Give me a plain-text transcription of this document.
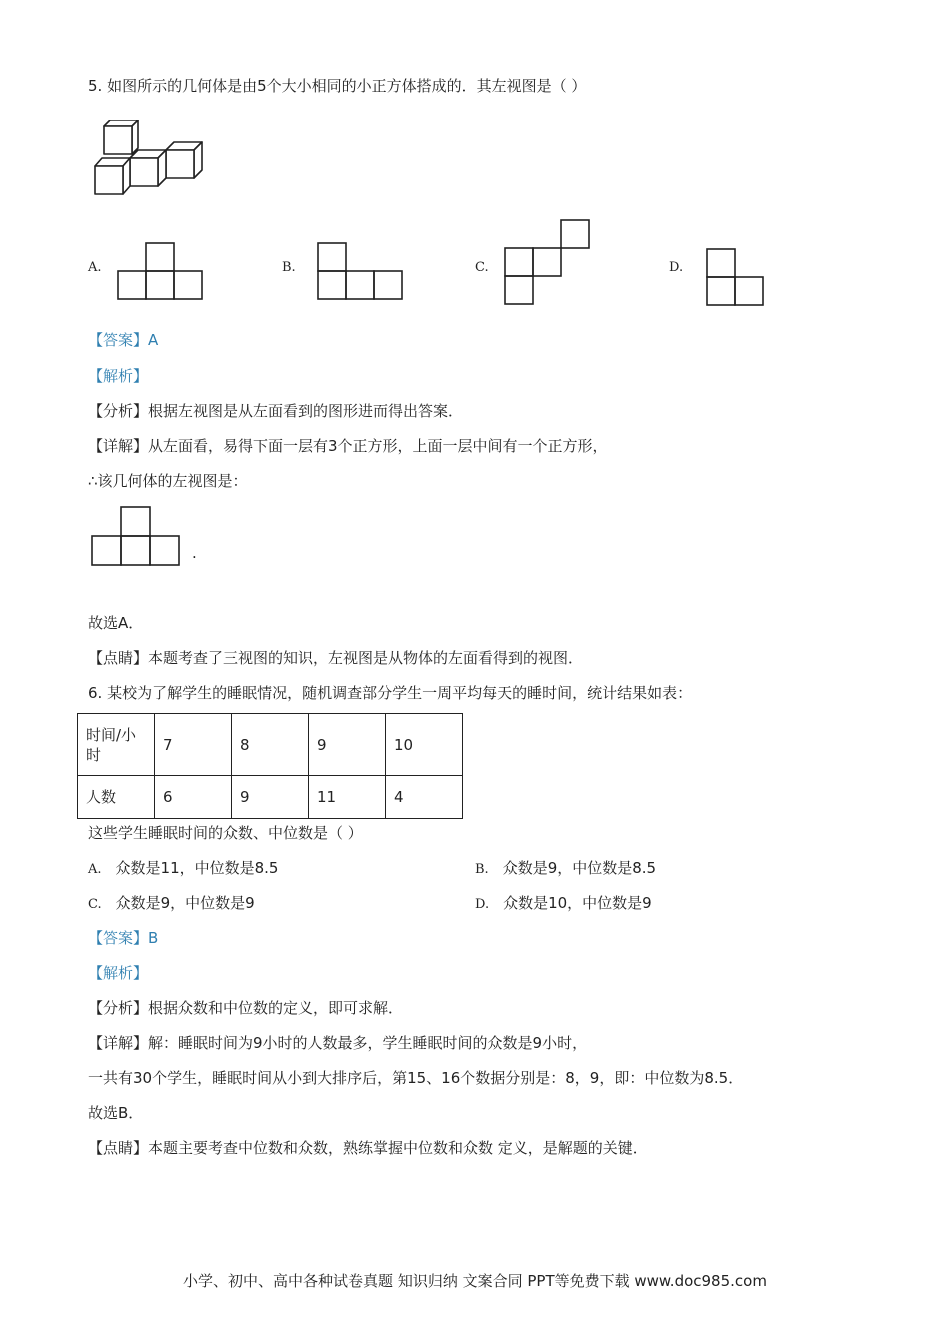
5. 如图所示的几何体是由5个大小相同的小正方体搭成的．其左视图是（ ）
A.	B.	C.	D.
【答案】A
【解析】
【分析】根据左视图是从左面看到的图形进而得出答案．
【详解】从左面看，易得下面一层有3个正方形，上面一层中间有一个正方形，
∴该几何体的左视图是：
.
故选A．
【点睛】本题考查了三视图的知识，左视图是从物体的左面看得到的视图．
6. 某校为了解学生的睡眠情况，随机调查部分学生一周平均每天的睡时间，统计结果如表：
时间/小
时	7	8	9	10
人数	6	9	11	4
这些学生睡眠时间的众数、中位数是（ ）
A. 众数是11，中位数是8.5	B. 众数是9，中位数是8.5
C. 众数是9，中位数是9	D. 众数是10，中位数是9
【答案】B
【解析】
【分析】根据众数和中位数的定义，即可求解．
【详解】解：睡眠时间为9小时的人数最多，学生睡眠时间的众数是9小时，
一共有30个学生，睡眠时间从小到大排序后，第15、16个数据分别是：8，9，即：中位数为8.5．
故选B．
【点睛】本题主要考查中位数和众数，熟练掌握中位数和众数 定义，是解题的关键．
小学、初中、高中各种试卷真题 知识归纳 文案合同 PPT等免费下载 www.doc985.com
